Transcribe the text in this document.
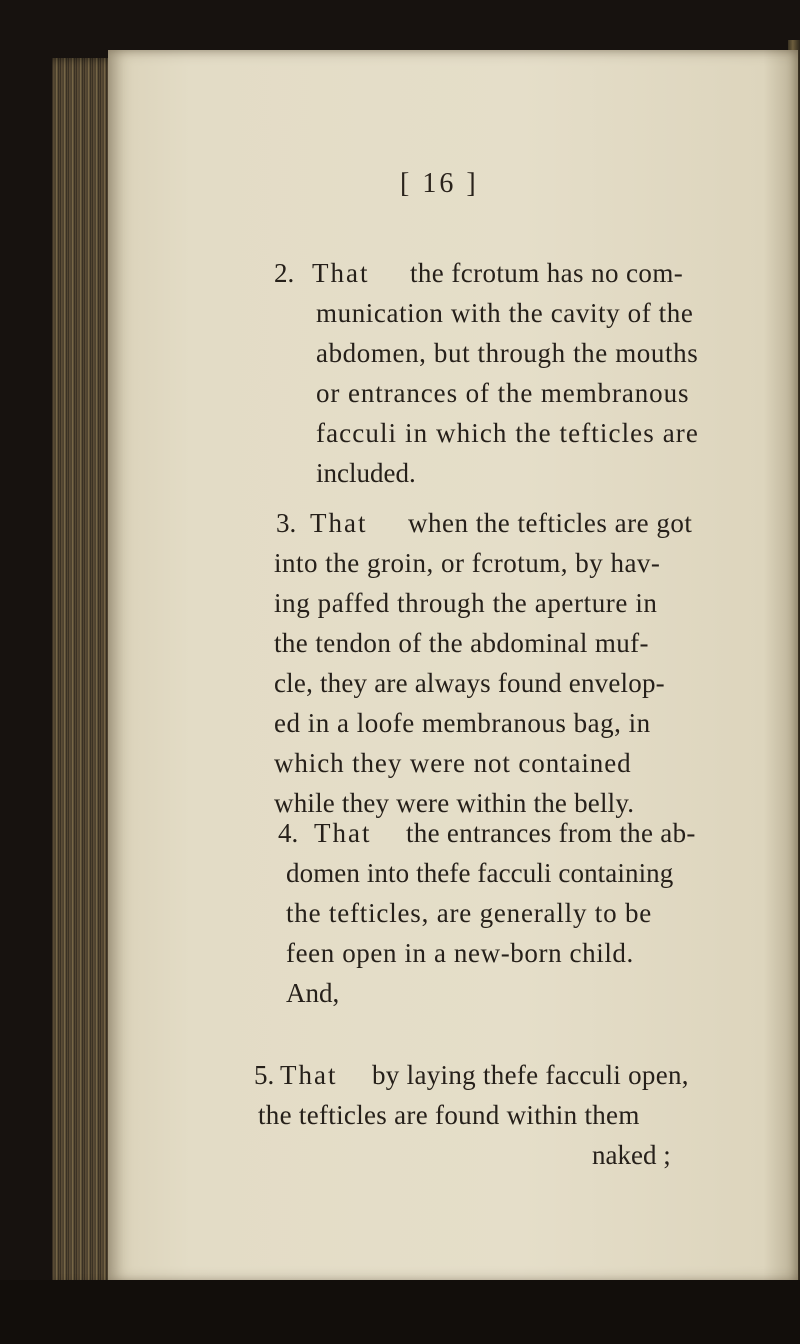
[ 16 ]
2. That the fcrotum has no com-
munication with the cavity of the
abdomen, but through the mouths
or entrances of the membranous
facculi in which the tefticles are
included.
3. That when the tefticles are got
into the groin, or fcrotum, by hav-
ing paffed through the aperture in
the tendon of the abdominal muf-
cle, they are always found envelop-
ed in a loofe membranous bag, in
which they were not contained
while they were within the belly.
4. That the entrances from the ab-
domen into thefe facculi containing
the tefticles, are generally to be
feen open in a new-born child.
And,
5. That by laying thefe facculi open,
the tefticles are found within them
naked ;
